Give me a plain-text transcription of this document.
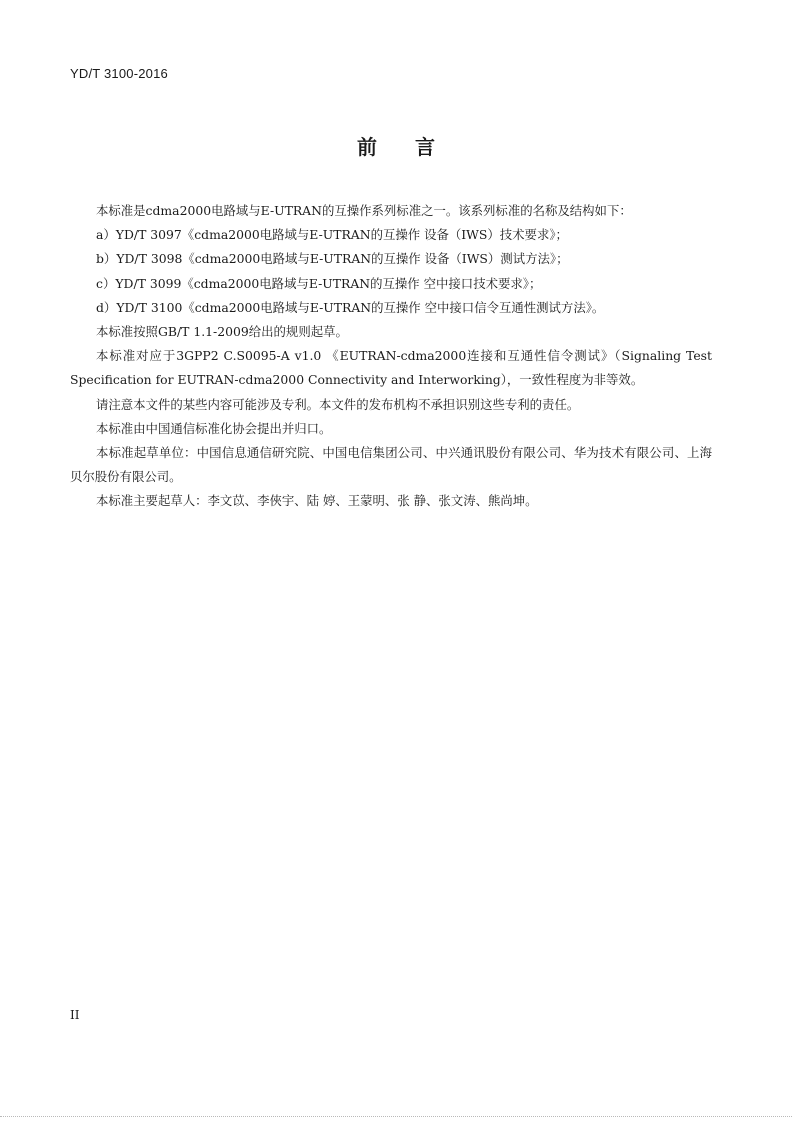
YD/T 3100-2016
前言

本标准是cdma2000电路域与E-UTRAN的互操作系列标准之一。该系列标准的名称及结构如下：

a）YD/T 3097《cdma2000电路域与E-UTRAN的互操作 设备（IWS）技术要求》；

b）YD/T 3098《cdma2000电路域与E-UTRAN的互操作 设备（IWS）测试方法》；

c）YD/T 3099《cdma2000电路域与E-UTRAN的互操作 空中接口技术要求》；

d）YD/T 3100《cdma2000电路域与E-UTRAN的互操作 空中接口信令互通性测试方法》。

本标准按照GB/T 1.1-2009给出的规则起草。

本标准对应于3GPP2 C.S0095-A v1.0 《EUTRAN-cdma2000连接和互通性信令测试》（Signaling Test Specification for EUTRAN-cdma2000 Connectivity and Interworking），一致性程度为非等效。

请注意本文件的某些内容可能涉及专利。本文件的发布机构不承担识别这些专利的责任。

本标准由中国通信标准化协会提出并归口。

本标准起草单位：中国信息通信研究院、中国电信集团公司、中兴通讯股份有限公司、华为技术有限公司、上海贝尔股份有限公司。

本标准主要起草人：李文苡、李俠宇、陆 婷、王蒙明、张 静、张文涛、熊尚坤。

II
